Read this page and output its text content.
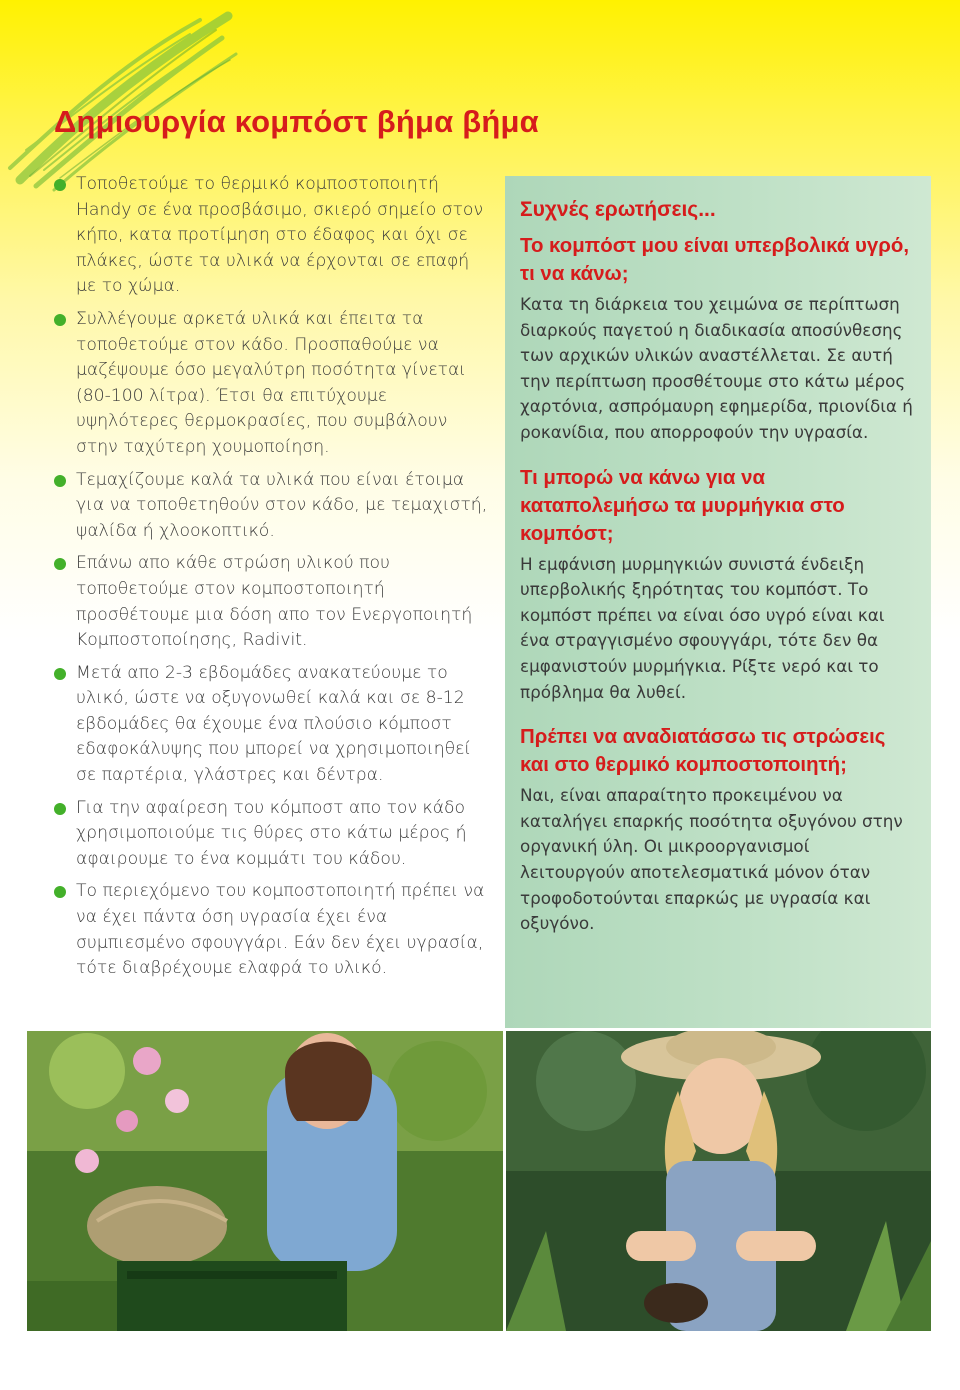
Δημιουργία κομπόστ βήμα βήμα
Τοποθετούμε το θερμικό κομποστοποιητή Handy σε ένα προσβάσιμο, σκιερό σημείο στον κήπο, κατα προτίμηση στο έδαφος και όχι σε πλάκες, ώστε τα υλικά να έρχονται σε επαφή με το χώμα.
Συλλέγουμε αρκετά υλικά και έπειτα τα τοποθετούμε στον κάδο. Προσπαθούμε να μαζέψουμε όσο μεγαλύτρη ποσότητα γίνεται (80-100 λίτρα). Έτσι θα επιτύχουμε υψηλότερες θερμοκρασίες, που συμβάλουν στην ταχύτερη χουμοποίηση.
Τεμαχίζουμε καλά τα υλικά που είναι έτοιμα για να τοποθετηθούν στον κάδο, με τεμαχιστή, ψαλίδα ή χλοοκοπτικό.
Επάνω απο κάθε στρώση υλικού που τοποθετούμε στον κομποστοποιητή προσθέτουμε μια δόση απο τον Ενεργοποιητή Κομποστοποίησης, Radivit.
Μετά απο 2-3 εβδομάδες ανακατεύουμε το υλικό, ώστε να οξυγονωθεί καλά και σε 8-12 εβδομάδες θα έχουμε ένα πλούσιο κόμποστ εδαφοκάλυψης που μπορεί να χρησιμοποιηθεί σε παρτέρια, γλάστρες και δέντρα.
Για την αφαίρεση του κόμποστ απο τον κάδο χρησιμοποιούμε τις θύρες στο κάτω μέρος ή αφαιρουμε το ένα κομμάτι του κάδου.
Το περιεχόμενο του κομποστοποιητή πρέπει να να έχει πάντα όση υγρασία έχει ένα συμπιεσμένο σφουγγάρι. Εάν δεν έχει υγρασία, τότε διαβρέχουμε ελαφρά το υλικό.
Συχνές ερωτήσεις...
Το κομπόστ μου είναι υπερβολικά υγρό, τι να κάνω;

Κατα τη διάρκεια του χειμώνα σε περίπτωση διαρκούς παγετού η διαδικασία αποσύνθεσης των αρχικών υλικών αναστέλλεται. Σε αυτή την περίπτωση προσθέτουμε στο κάτω μέρος χαρτόνια, ασπρόμαυρη εφημερίδα, πριονίδια ή ροκανίδια, που απορροφούν την υγρασία.

Τι μπορώ να κάνω για να καταπολεμήσω τα μυρμήγκια στο κομπόστ;

Η εμφάνιση μυρμηγκιών συνιστά ένδειξη υπερβολικής ξηρότητας του κομπόστ. Το κομπόστ πρέπει να είναι όσο υγρό είναι και ένα στραγγισμένο σφουγγάρι, τότε δεν θα εμφανιστούν μυρμήγκια. Ρίξτε νερό και το πρόβλημα θα λυθεί.

Πρέπει να αναδιατάσσω τις στρώσεις και στο θερμικό κομποστοποιητή;

Ναι, είναι απαραίτητο προκειμένου να καταλήγει επαρκής ποσότητα οξυγόνου στην οργανική ύλη. Οι μικροοργανισμοί λειτουργούν αποτελεσματικά μόνον όταν τροφοδοτούνται επαρκώς με υγρασία και οξυγόνο.
